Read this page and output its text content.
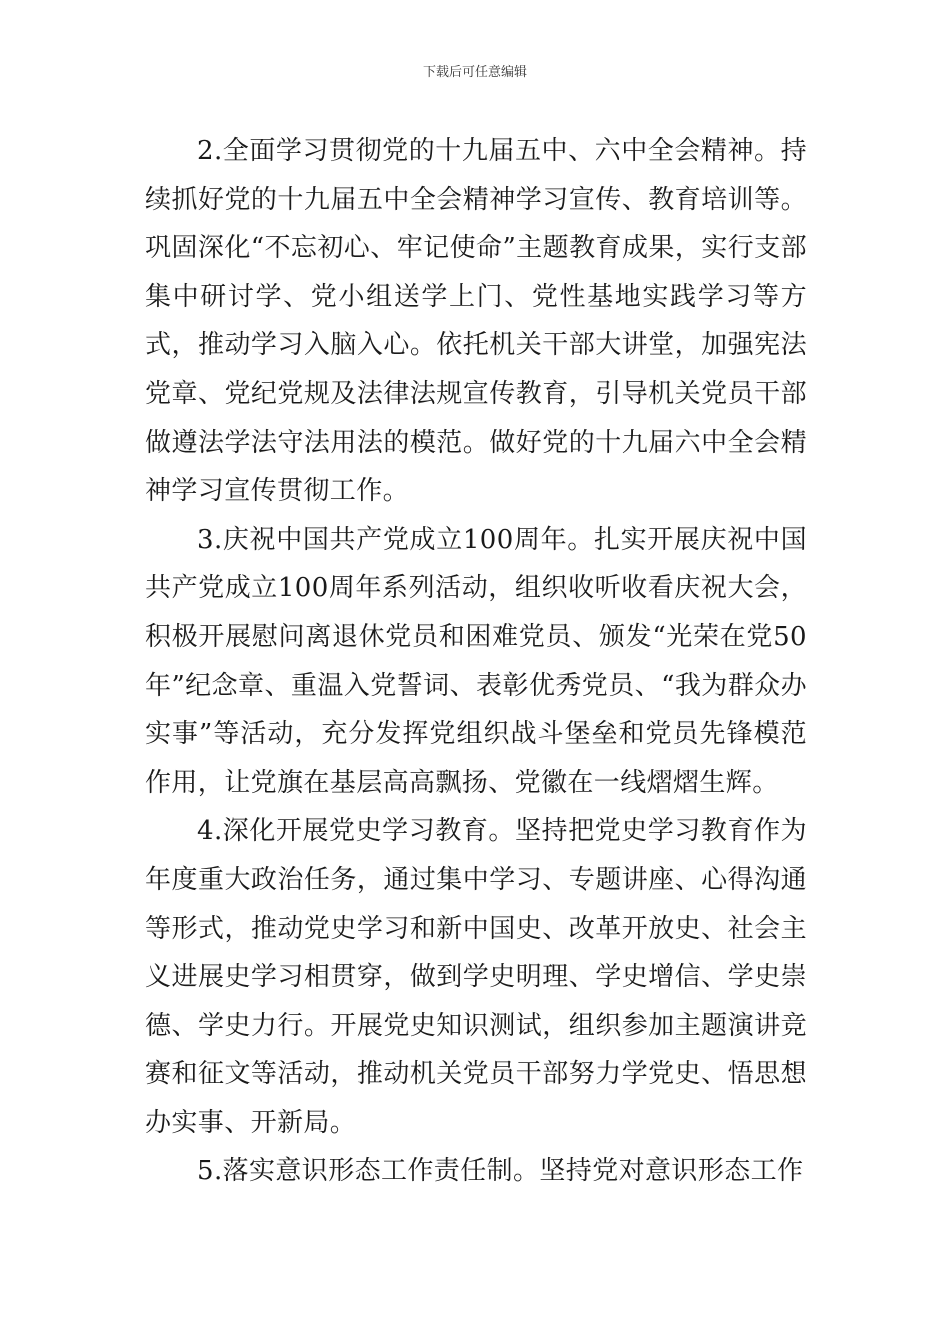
下载后可任意编辑

2.全面学习贯彻党的十九届五中、六中全会精神。持续抓好党的十九届五中全会精神学习宣传、教育培训等。巩固深化“不忘初心、牢记使命”主题教育成果，实行支部集中研讨学、党小组送学上门、党性基地实践学习等方式，推动学习入脑入心。依托机关干部大讲堂，加强宪法党章、党纪党规及法律法规宣传教育，引导机关党员干部做遵法学法守法用法的模范。做好党的十九届六中全会精神学习宣传贯彻工作。

3.庆祝中国共产党成立100周年。扎实开展庆祝中国共产党成立100周年系列活动，组织收听收看庆祝大会，积极开展慰问离退休党员和困难党员、颁发“光荣在党50年”纪念章、重温入党誓词、表彰优秀党员、“我为群众办实事”等活动，充分发挥党组织战斗堡垒和党员先锋模范作用，让党旗在基层高高飘扬、党徽在一线熠熠生辉。

4.深化开展党史学习教育。坚持把党史学习教育作为年度重大政治任务，通过集中学习、专题讲座、心得沟通等形式，推动党史学习和新中国史、改革开放史、社会主义进展史学习相贯穿，做到学史明理、学史增信、学史崇德、学史力行。开展党史知识测试，组织参加主题演讲竞赛和征文等活动，推动机关党员干部努力学党史、悟思想办实事、开新局。

5.落实意识形态工作责任制。坚持党对意识形态工作
